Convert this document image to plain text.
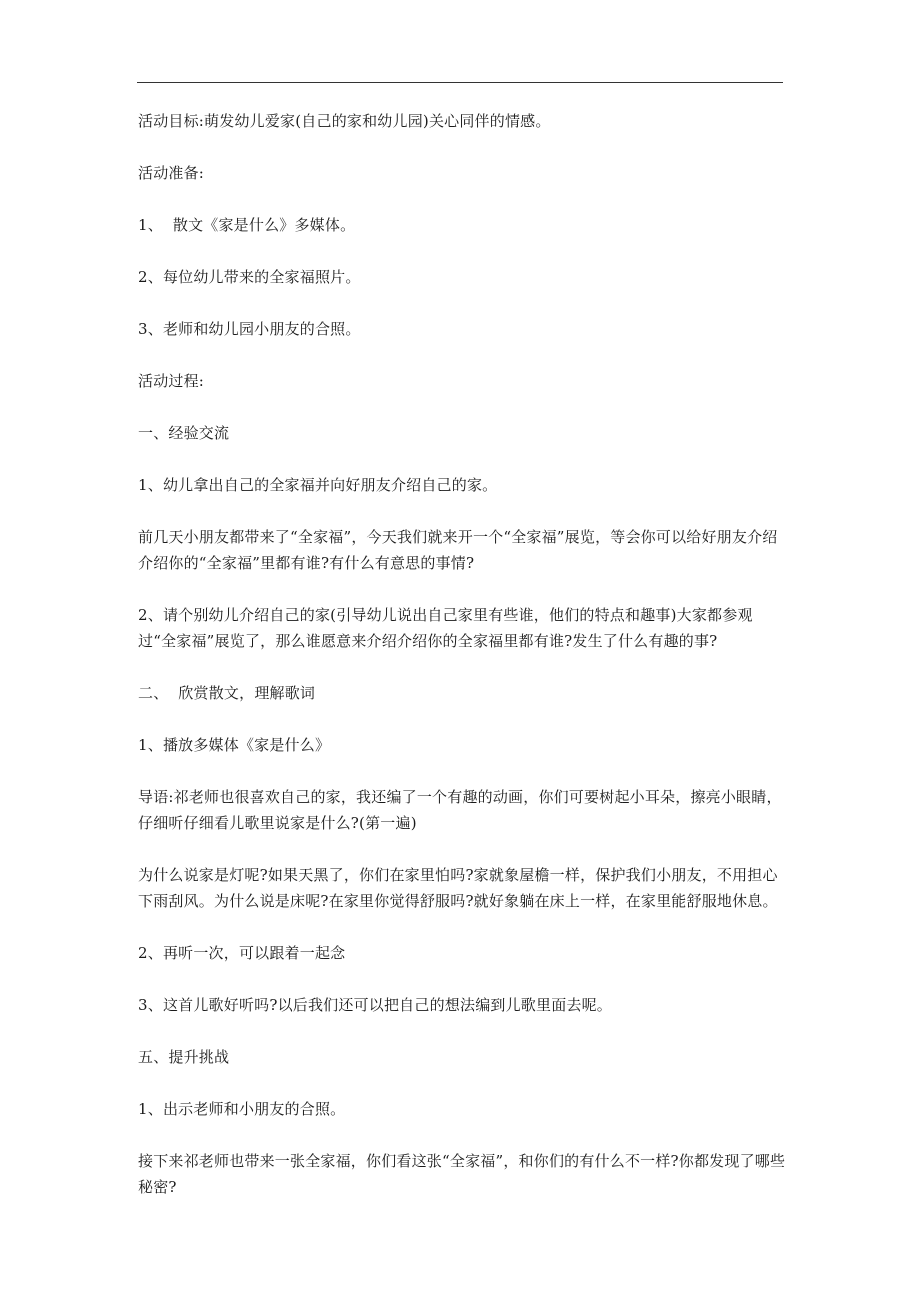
活动目标:萌发幼儿爱家(自己的家和幼儿园)关心同伴的情感。

活动准备:

1、  散文《家是什么》多媒体。

2、每位幼儿带来的全家福照片。

3、老师和幼儿园小朋友的合照。

活动过程:

一、经验交流

1、幼儿拿出自己的全家福并向好朋友介绍自己的家。

前几天小朋友都带来了“全家福”，今天我们就来开一个“全家福”展览，等会你可以给好朋友介绍介绍你的“全家福”里都有谁?有什么有意思的事情?

2、请个别幼儿介绍自己的家(引导幼儿说出自己家里有些谁，他们的特点和趣事)大家都参观过“全家福”展览了，那么谁愿意来介绍介绍你的全家福里都有谁?发生了什么有趣的事?

二、  欣赏散文，理解歌词

1、播放多媒体《家是什么》

导语:祁老师也很喜欢自己的家，我还编了一个有趣的动画，你们可要树起小耳朵，擦亮小眼睛，仔细听仔细看儿歌里说家是什么?(第一遍)

为什么说家是灯呢?如果天黑了，你们在家里怕吗?家就象屋檐一样，保护我们小朋友，不用担心下雨刮风。为什么说是床呢?在家里你觉得舒服吗?就好象躺在床上一样，在家里能舒服地休息。

2、再听一次，可以跟着一起念

3、这首儿歌好听吗?以后我们还可以把自己的想法编到儿歌里面去呢。

五、提升挑战

1、出示老师和小朋友的合照。

接下来祁老师也带来一张全家福，你们看这张“全家福”，和你们的有什么不一样?你都发现了哪些秘密?
